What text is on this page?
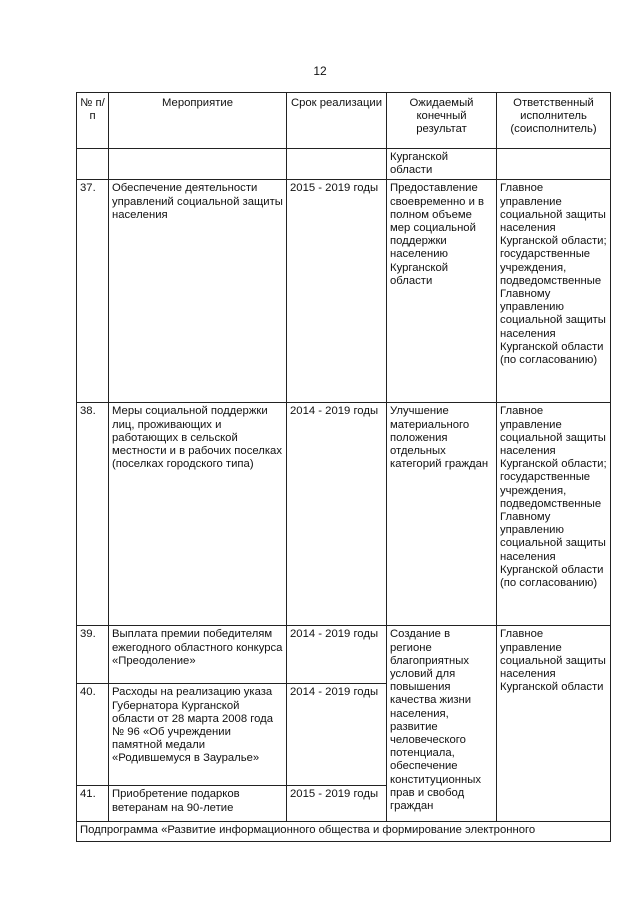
12
№ п/п	Мероприятие	Срок реализации	Ожидаемый конечный результат	Ответственный исполнитель (соисполнитель)
			Курганской области	
37.	Обеспечение деятельности управлений социальной защиты населения	2015 - 2019 годы	Предоставление своевременно и в полном объеме мер социальной поддержки населению Курганской области	Главное управление социальной защиты населения Курганской области; государственные учреждения, подведомственные Главному управлению социальной защиты населения Курганской области (по согласованию)
38.	Меры социальной поддержки лиц, проживающих и работающих в сельской местности и в рабочих поселках (поселках городского типа)	2014 - 2019 годы	Улучшение материального положения отдельных категорий граждан	Главное управление социальной защиты населения Курганской области; государственные учреждения, подведомственные Главному управлению социальной защиты населения Курганской области (по согласованию)
39.	Выплата премии победителям ежегодного областного конкурса «Преодоление»	2014 - 2019 годы	Создание в регионе благоприятных условий для повышения качества жизни населения, развитие человеческого потенциала, обеспечение конституционных прав и свобод граждан	Главное управление социальной защиты населения Курганской области
40.	Расходы на реализацию указа Губернатора Курганской области от 28 марта 2008 года № 96 «Об учреждении памятной медали «Родившемуся в Зауралье»	2014 - 2019 годы		
41.	Приобретение подарков ветеранам на 90-летие	2015 - 2019 годы		
Подпрограмма «Развитие информационного общества и формирование электронного				
